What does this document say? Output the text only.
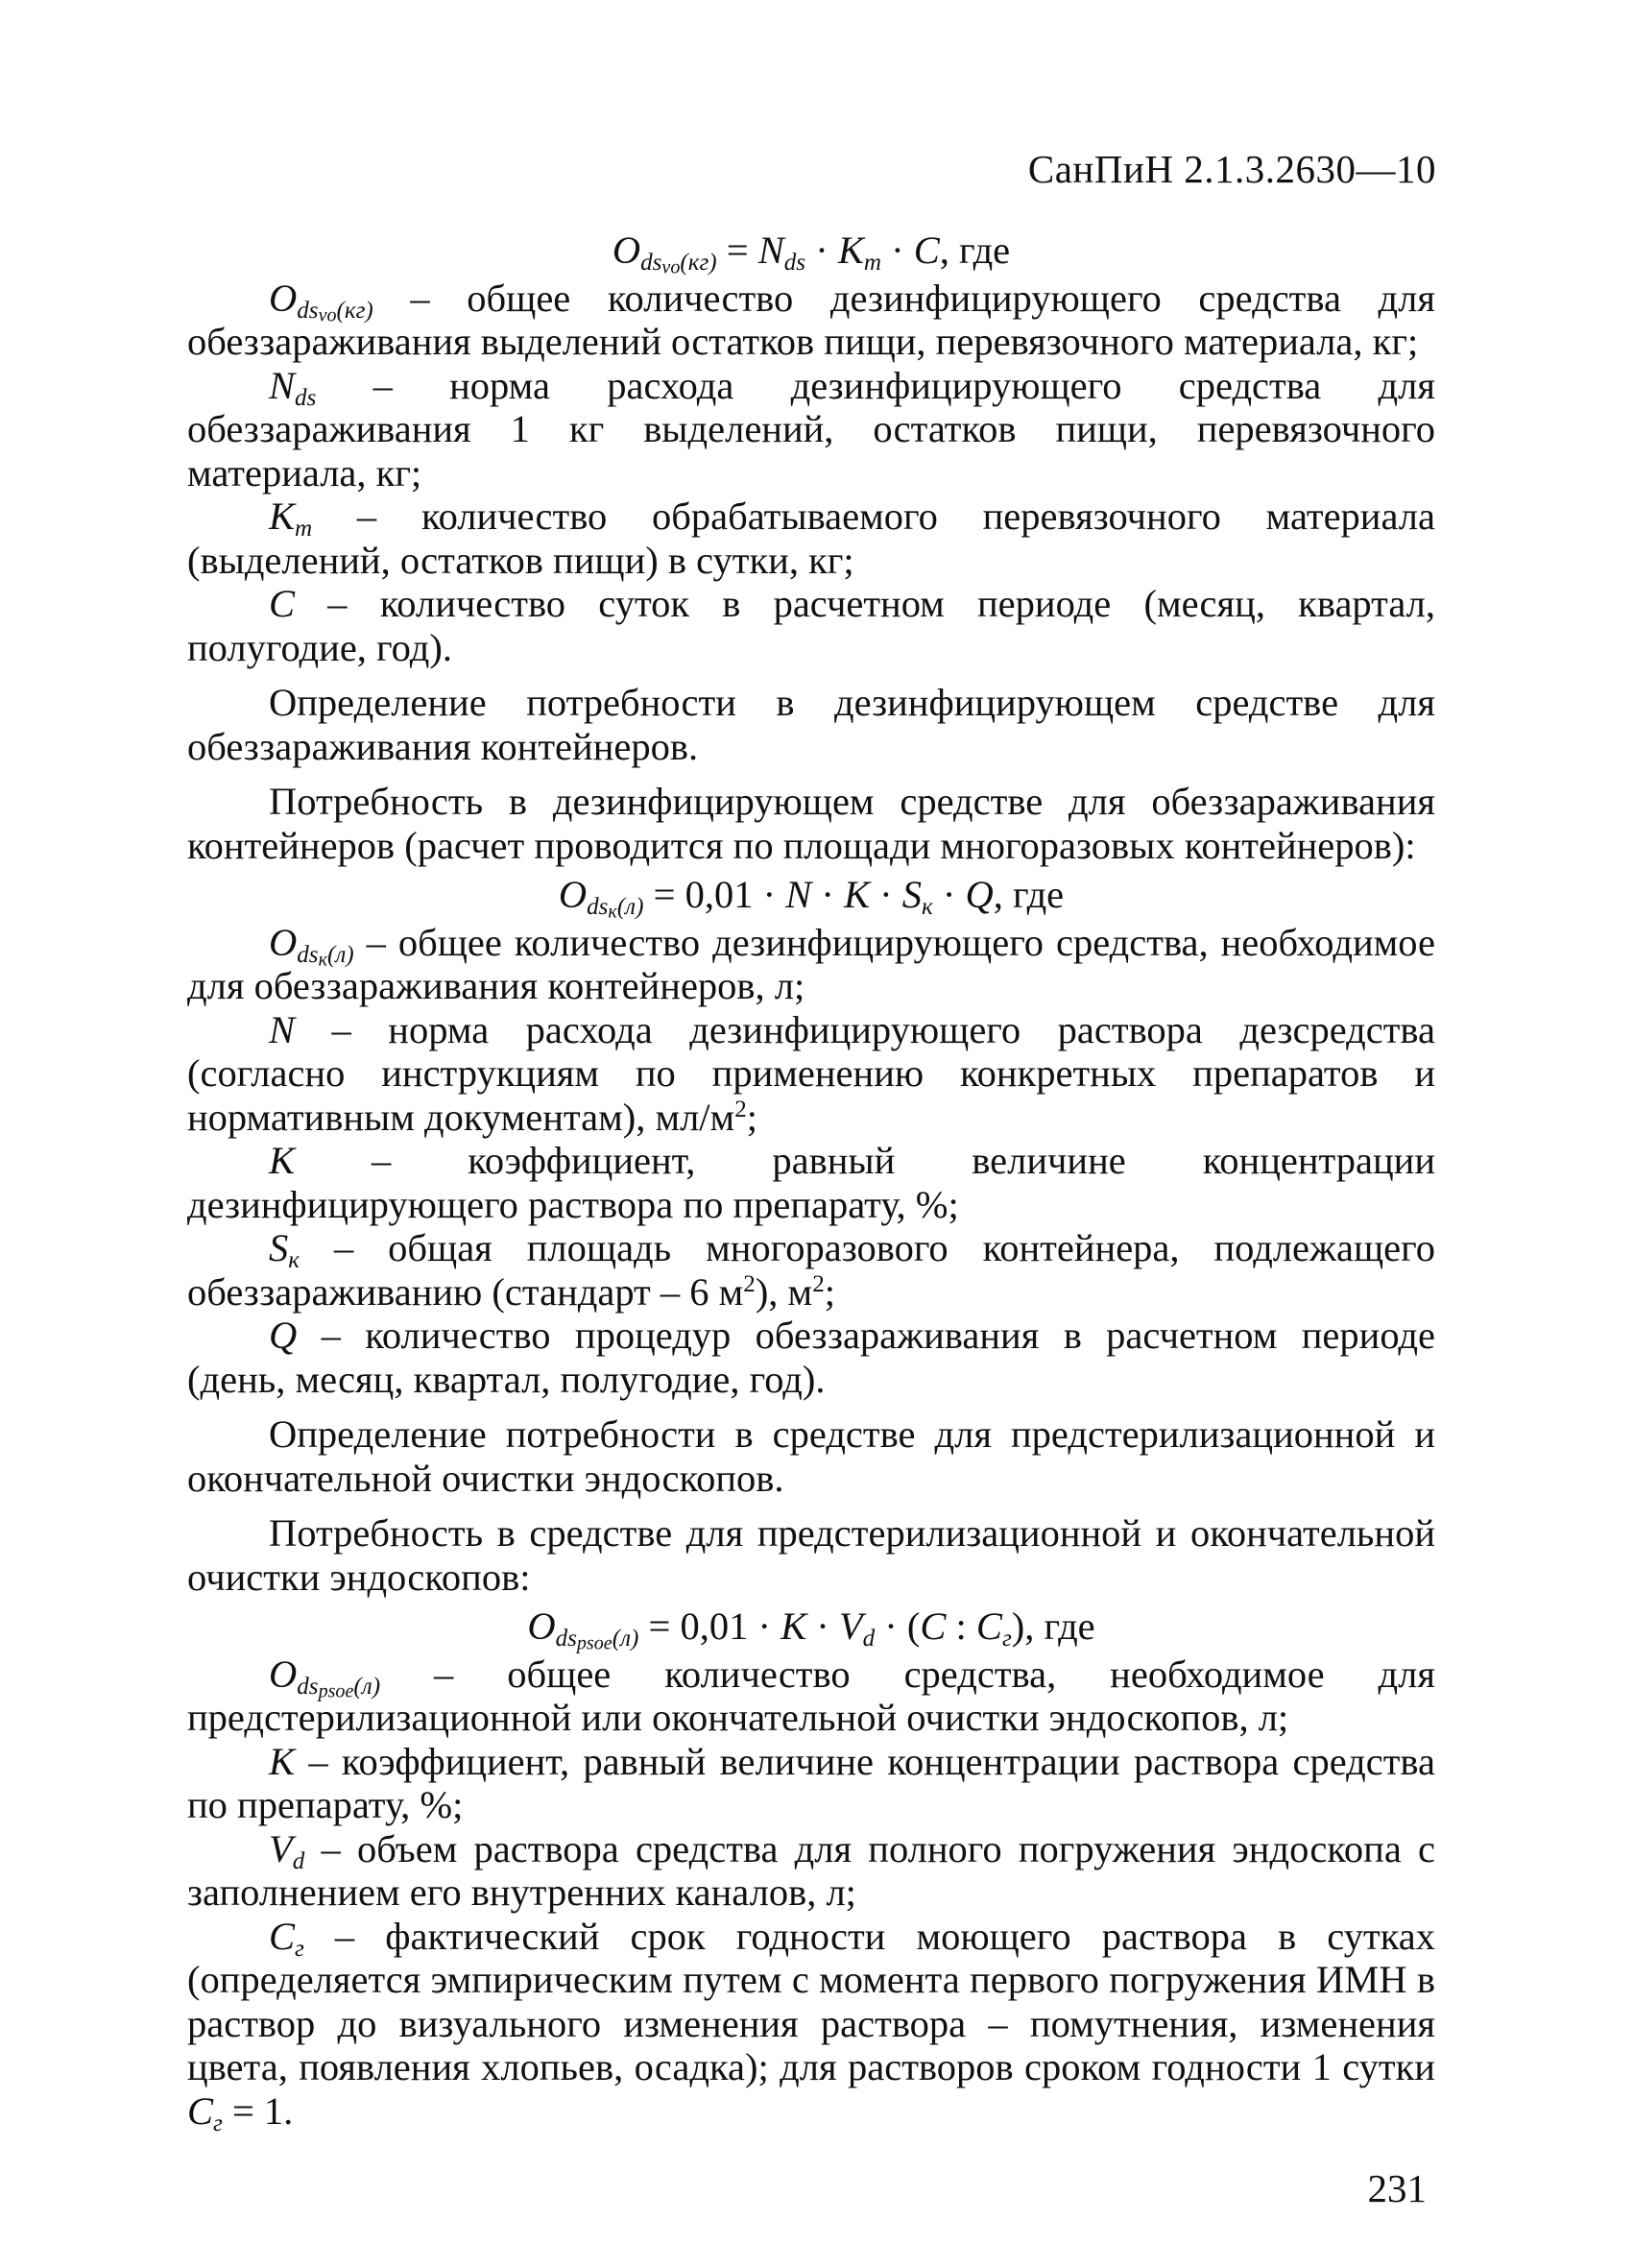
СанПиН 2.1.3.2630—10

$O_{ds_{vo}(кг)} = N_{ds} \cdot K_m \cdot C$, где

$O_{ds_{vo}(кг)}$ – общее количество дезинфицирующего средства для обеззараживания выделений остатков пищи, перевязочного материала, кг;

$N_{ds}$ – норма расхода дезинфицирующего средства для обеззараживания 1 кг выделений, остатков пищи, перевязочного материала, кг;

$K_m$ – количество обрабатываемого перевязочного материала (выделений, остатков пищи) в сутки, кг;

C – количество суток в расчетном периоде (месяц, квартал, полугодие, год).

Определение потребности в дезинфицирующем средстве для обеззараживания контейнеров.

Потребность в дезинфицирующем средстве для обеззараживания контейнеров (расчет проводится по площади многоразовых контейнеров):

$O_{ds_к(л)} = 0,01 \cdot N \cdot K \cdot S_к \cdot Q$, где

$O_{ds_к(л)}$ – общее количество дезинфицирующего средства, необходимое для обеззараживания контейнеров, л;

N – норма расхода дезинфицирующего раствора дезсредства (согласно инструкциям по применению конкретных препаратов и нормативным документам), $мл/м^2$;

K – коэффициент, равный величине концентрации дезинфицирующего раствора по препарату, %;

$S_к$ – общая площадь многоразового контейнера, подлежащего обеззараживанию (стандарт – 6 $м^2$), $м^2$;

Q – количество процедур обеззараживания в расчетном периоде (день, месяц, квартал, полугодие, год).

Определение потребности в средстве для предстерилизационной и окончательной очистки эндоскопов.

Потребность в средстве для предстерилизационной и окончательной очистки эндоскопов:

$O_{ds_{psoe}(л)} = 0,01 \cdot K \cdot V_d \cdot (C$ : $C_г$), где

$O_{ds_{psoe}(л)}$ – общее количество средства, необходимое для предстерилизационной или окончательной очистки эндоскопов, л;

K – коэффициент, равный величине концентрации раствора средства по препарату, %;

$V_d$ – объем раствора средства для полного погружения эндоскопа с заполнением его внутренних каналов, л;

$C_г$ – фактический срок годности моющего раствора в сутках (определяется эмпирическим путем с момента первого погружения ИМН в раствор до визуального изменения раствора – помутнения, изменения цвета, появления хлопьев, осадка); для растворов сроком годности 1 сутки $C_г = 1$.

231
